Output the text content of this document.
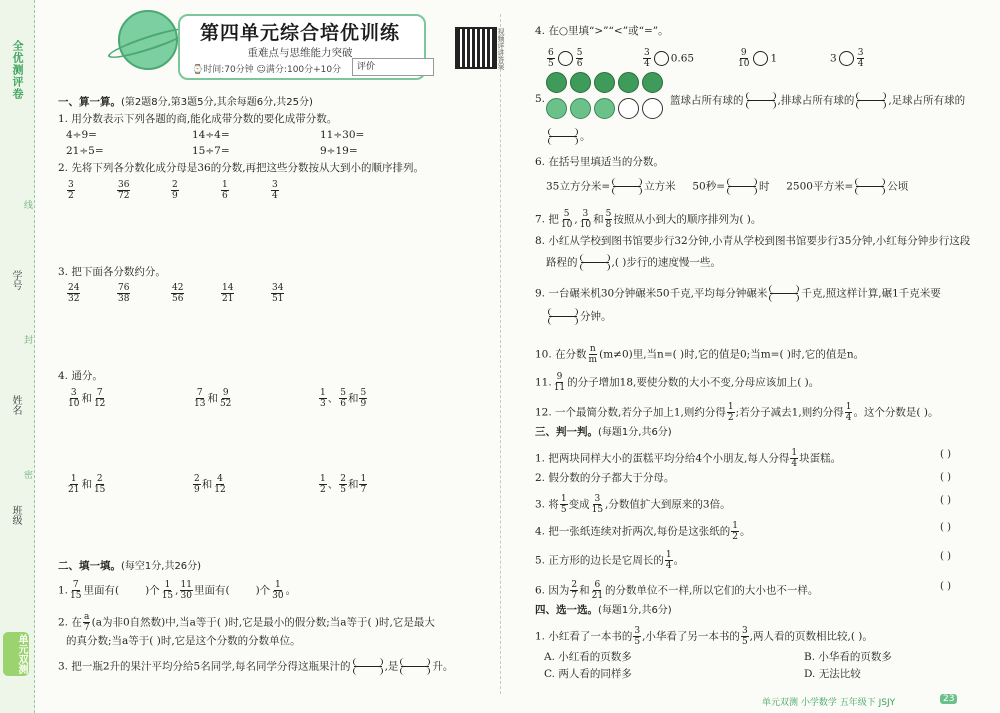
全优测评卷
学号
姓名
班级
线
封
密
单元双测
第四单元综合培优训练
重难点与思维能力突破
⌚时间:70分钟 ☺满分:100分+10分	评价	视频详讲答案
一、算一算。(第2题8分,第3题5分,其余每题6分,共25分)
1. 用分数表示下列各题的商,能化成带分数的要化成带分数。
4÷9=	14÷4=	11÷30=
21÷5=	15÷7=	9÷19=
2. 先将下列各分数化成分母是36的分数,再把这些分数按从大到小的顺序排列。
$\frac{3}{2}$	$\frac{36}{72}$	$\frac{2}{9}$	$\frac{1}{6}$	$\frac{3}{4}$
3. 把下面各分数约分。
$\frac{24}{32}$	$\frac{76}{38}$	$\frac{42}{56}$	$\frac{14}{21}$	$\frac{34}{51}$
4. 通分。
$\frac{3}{10}$ 和 $\frac{7}{12}$	$\frac{7}{13}$ 和 $\frac{9}{52}$	$\frac{1}{3}$ 、 $\frac{5}{6}$ 和 $\frac{5}{9}$
$\frac{1}{21}$ 和 $\frac{2}{15}$	$\frac{2}{9}$ 和 $\frac{4}{12}$	$\frac{1}{2}$ 、 $\frac{2}{5}$ 和 $\frac{1}{7}$
二、填一填。(每空1分,共26分)
1. $\frac{7}{15}$ 里面有( )个 $\frac{1}{15}$ , $\frac{11}{30}$ 里面有( )个 $\frac{1}{30}$ 。
2. 在 $\frac{a}{7} (a$为非0自然数)中,当a等于( )时,它是最小的假分数;当a等于( )时,它是最大
的真分数;当a等于( )时,它是这个分数的分数单位。
3. 把一瓶2升的果汁平均分给5名同学,每名同学分得这瓶果汁的	,是	升。
4. 在○里填“>”“<”或“=”。
$\frac{6}{5} \frac{5}{6}$	$\frac{3}{4} 0.65$	$\frac{9}{10} 1$	$3 \frac{3}{4}$
5.	篮球占所有球的	,排球占所有球的	,足球占所有球的
。
6. 在括号里填适当的分数。
35立方分米=	立方米 50秒=	时 2500平方米=	公顷
7. 把 $\frac{5}{10}$ , $\frac{3}{10}$ 和 $\frac{5}{8}$ 按照从小到大的顺序排列为( )。
8. 小红从学校到图书馆要步行32分钟,小青从学校到图书馆要步行35分钟,小红每分钟步行这段
路程的	,( )步行的速度慢一些。
9. 一台碾米机30分钟碾米50千克,平均每分钟碾米	千克,照这样计算,碾1千克米要
分钟。
10. 在分数 $\frac{n}{m} (m\ne 0)$里,当n=( )时,它的值是0;当m=( )时,它的值是n。
11. $\frac{9}{11}$ 的分子增加18,要使分数的大小不变,分母应该加上( )。
12. 一个最简分数,若分子加上1,则约分得 $\frac{1}{2}$ ;若分子减去1,则约分得 $\frac{1}{4}$ 。这个分数是( )。
三、判一判。(每题1分,共6分)
1. 把两块同样大小的蛋糕平均分给4个小朋友,每人分得 $\frac{1}{4}$ 块蛋糕。	( )
2. 假分数的分子都大于分母。	( )
3. 将 $\frac{1}{5}$ 变成 $\frac{3}{15}$ ,分数值扩大到原来的3倍。	( )
4. 把一张纸连续对折两次,每份是这张纸的 $\frac{1}{2}$ 。	( )
5. 正方形的边长是它周长的 $\frac{1}{4}$ 。	( )
6. 因为 $\frac{2}{7}$ 和 $\frac{6}{21}$ 的分数单位不一样,所以它们的大小也不一样。	( )
四、选一选。(每题1分,共6分)
1. 小红看了一本书的 $\frac{3}{5}$ ,小华看了另一本书的 $\frac{3}{5}$ ,两人看的页数相比较,( )。
A. 小红看的页数多	B. 小华看的页数多
C. 两人看的同样多	D. 无法比较
单元双测 小学数学 五年级下 JSJY	23
